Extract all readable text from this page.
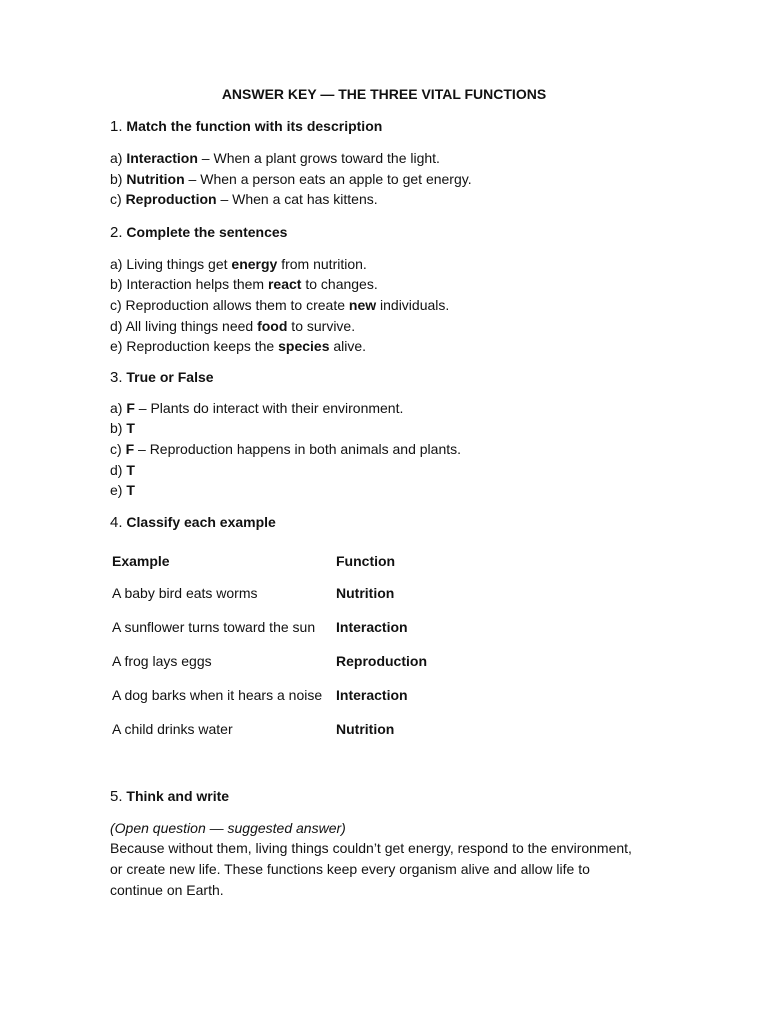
ANSWER KEY — THE THREE VITAL FUNCTIONS
1. Match the function with its description
a) Interaction – When a plant grows toward the light.
b) Nutrition – When a person eats an apple to get energy.
c) Reproduction – When a cat has kittens.
2. Complete the sentences
a) Living things get energy from nutrition.
b) Interaction helps them react to changes.
c) Reproduction allows them to create new individuals.
d) All living things need food to survive.
e) Reproduction keeps the species alive.
3. True or False
a) F – Plants do interact with their environment.
b) T
c) F – Reproduction happens in both animals and plants.
d) T
e) T
4. Classify each example
Example	Function
A baby bird eats worms	Nutrition
A sunflower turns toward the sun	Interaction
A frog lays eggs	Reproduction
A dog barks when it hears a noise	Interaction
A child drinks water	Nutrition
5. Think and write
(Open question — suggested answer)

Because without them, living things couldn’t get energy, respond to the environment, or create new life. These functions keep every organism alive and allow life to continue on Earth.
